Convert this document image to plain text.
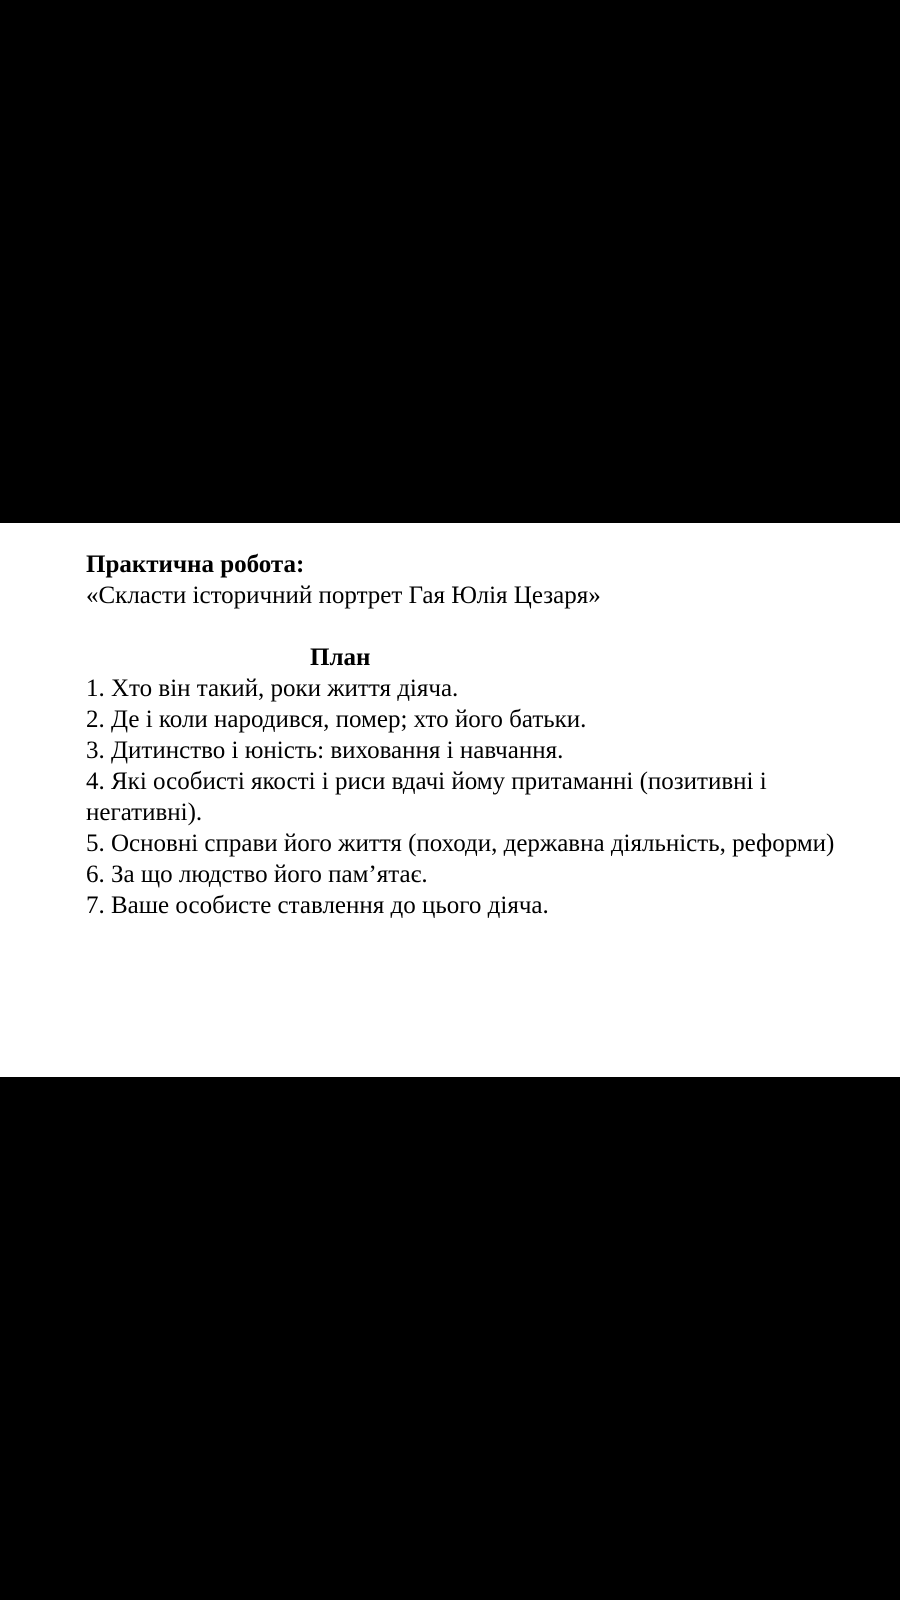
Практична робота:

«Скласти історичний портрет Гая Юлія Цезаря»

План

1. Хто він такий, роки життя діяча.
2. Де і коли народився, помер; хто його батьки.
3. Дитинство і юність: виховання і навчання.
4. Які особисті якості і риси вдачі йому притаманні (позитивні і негативні).
5. Основні справи його життя (походи, державна діяльність, реформи)
6. За що людство його пам’ятає.
7. Ваше особисте ставлення до цього діяча.
